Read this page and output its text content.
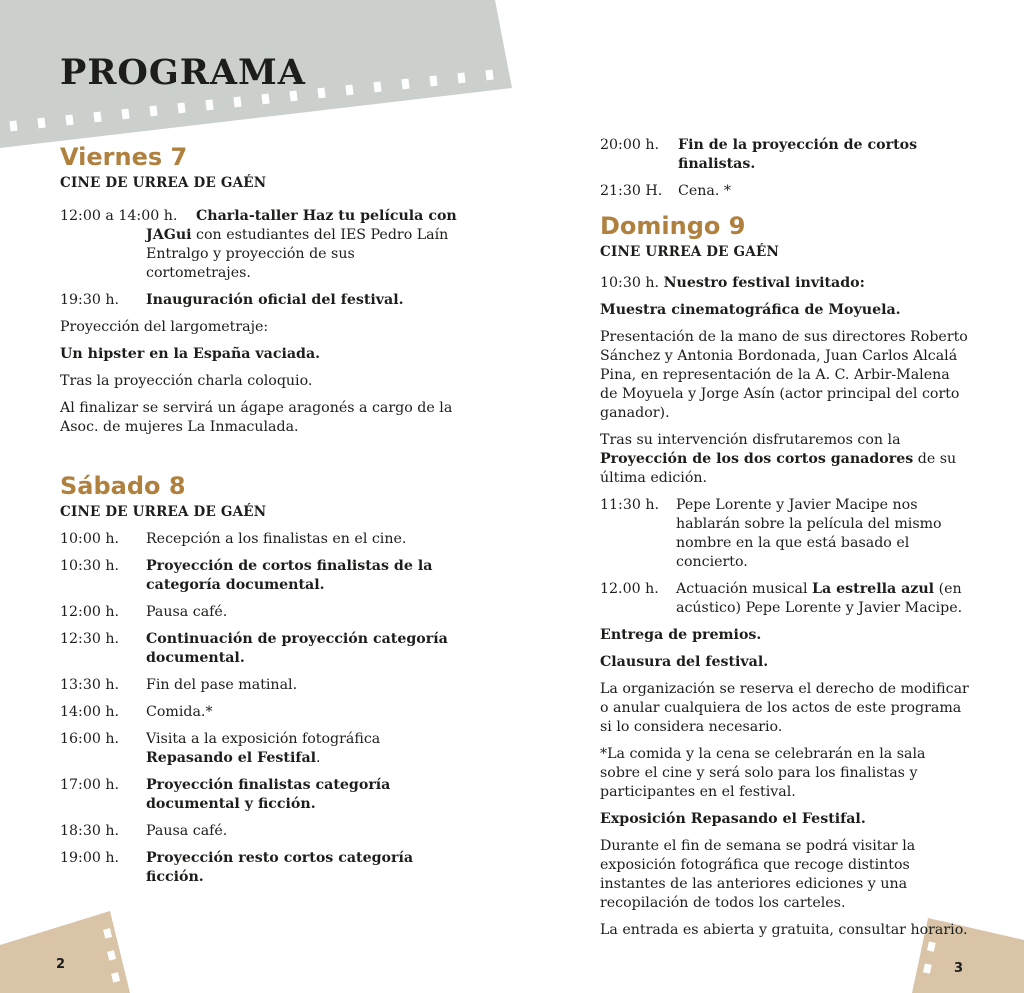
PROGRAMA
Viernes 7
CINE DE URREA DE GAÉN
12:00 a 14:00 h.	Charla-taller Haz tu película con JAGui con estudiantes del IES Pedro Laín Entralgo y proyección de sus cortometrajes.
19:30 h.	Inauguración oficial del festival.

Proyección del largometraje:

Un hipster en la España vaciada.

Tras la proyección charla coloquio.

Al finalizar se servirá un ágape aragonés a cargo de la Asoc. de mujeres La Inmaculada.

Sábado 8
CINE DE URREA DE GAÉN
10:00 h.	Recepción a los finalistas en el cine.
10:30 h.	Proyección de cortos finalistas de la categoría documental.
12:00 h.	Pausa café.
12:30 h.	Continuación de proyección categoría documental.
13:30 h.	Fin del pase matinal.
14:00 h.	Comida.*
16:00 h.	Visita a la exposición fotográfica
Repasando el Festifal.
17:00 h.	Proyección finalistas categoría documental y ficción.
18:30 h.	Pausa café.
19:00 h.	Proyección resto cortos categoría ficción.
20:00 h.	Fin de la proyección de cortos finalistas.
21:30 H.	Cena. *
Domingo 9
CINE URREA DE GAÉN

10:30 h. Nuestro festival invitado:

Muestra cinematográfica de Moyuela.

Presentación de la mano de sus directores Roberto Sánchez y Antonia Bordonada, Juan Carlos Alcalá Pina, en representación de la A. C. Arbir-Malena de Moyuela y Jorge Asín (actor principal del corto ganador).

Tras su intervención disfrutaremos con la Proyección de los dos cortos ganadores de su última edición.

11:30 h.	Pepe Lorente y Javier Macipe nos hablarán sobre la película del mismo nombre en la que está basado el concierto.
12.00 h.	Actuación musical La estrella azul (en acústico) Pepe Lorente y Javier Macipe.

Entrega de premios.

Clausura del festival.

La organización se reserva el derecho de modificar o anular cualquiera de los actos de este programa si lo considera necesario.

*La comida y la cena se celebrarán en la sala sobre el cine y será solo para los finalistas y participantes en el festival.

Exposición Repasando el Festifal.

Durante el fin de semana se podrá visitar la exposición fotográfica que recoge distintos instantes de las anteriores ediciones y una recopilación de todos los carteles.

La entrada es abierta y gratuita, consultar horario.

2	3
